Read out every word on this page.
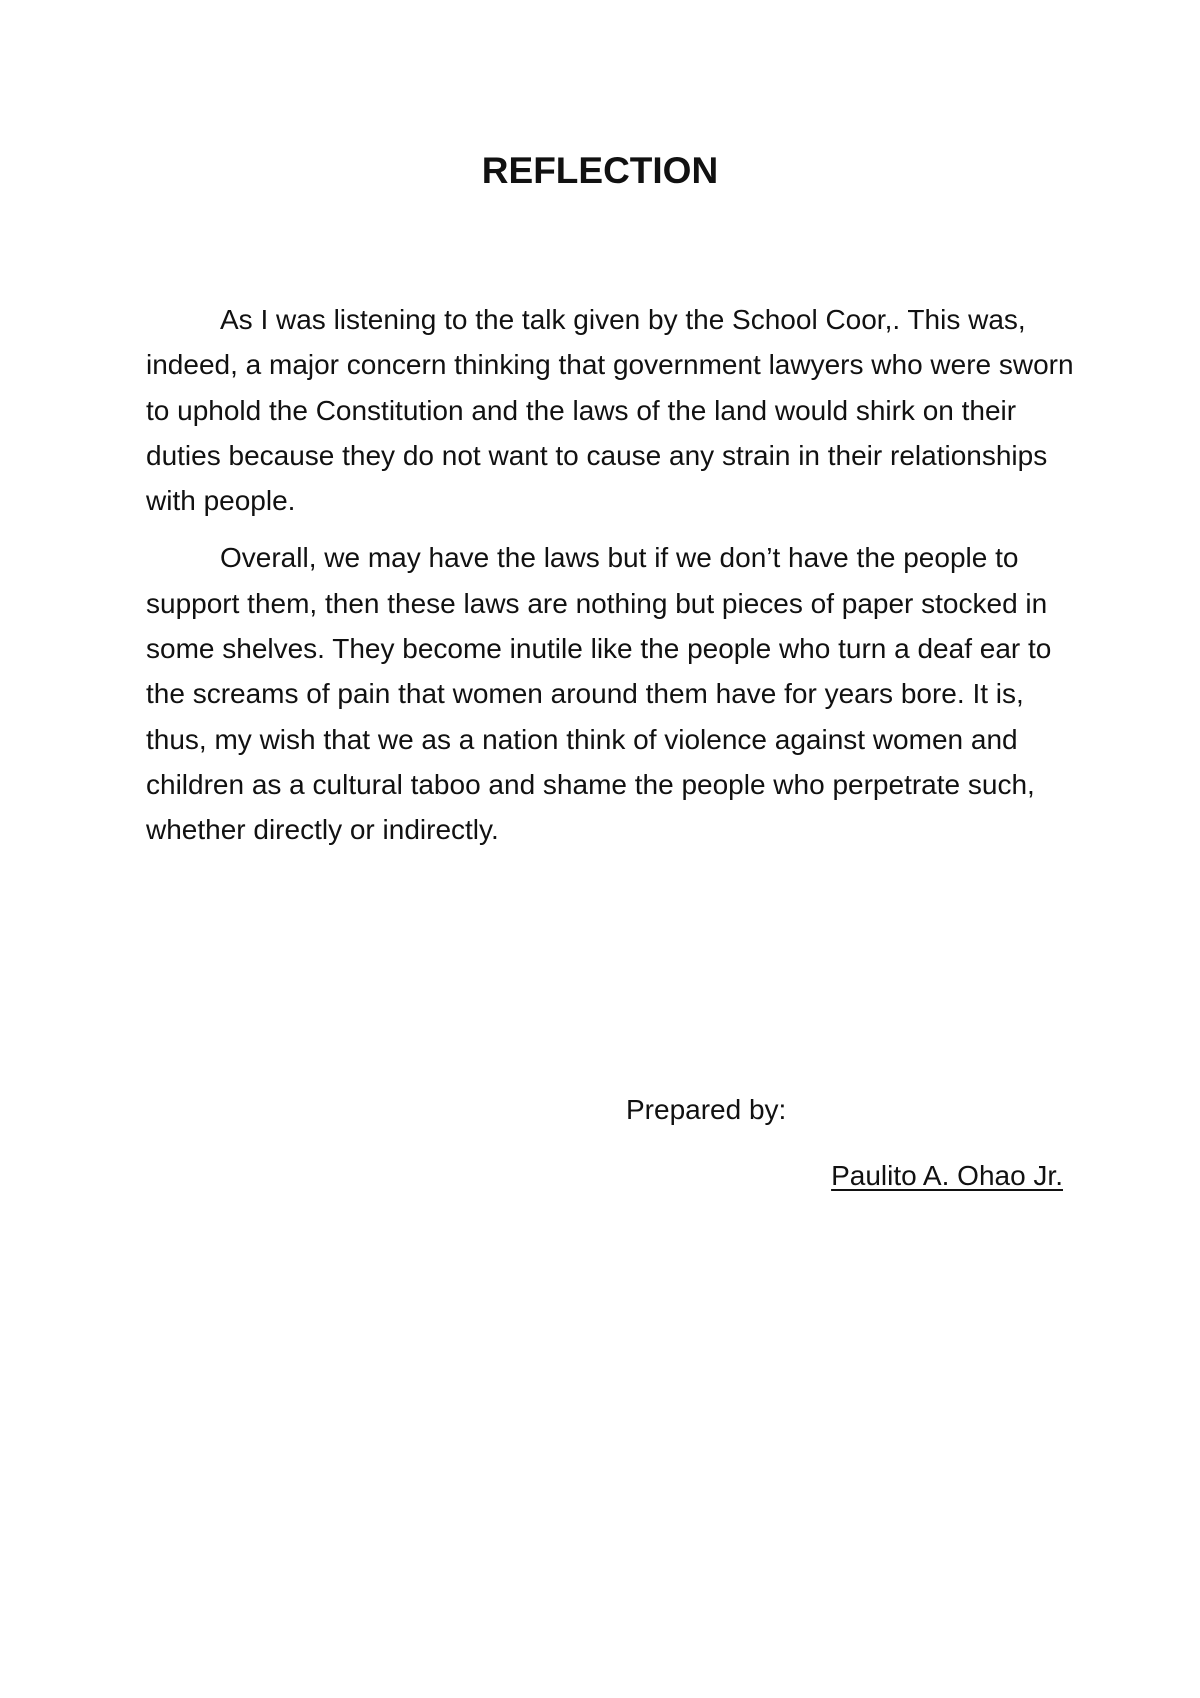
REFLECTION

As I was listening to the talk given by the School Coor,. This was, indeed, a major concern thinking that government lawyers who were sworn to uphold the Constitution and the laws of the land would shirk on their duties because they do not want to cause any strain in their relationships with people.

Overall, we may have the laws but if we don’t have the people to support them, then these laws are nothing but pieces of paper stocked in some shelves. They become inutile like the people who turn a deaf ear to the screams of pain that women around them have for years bore. It is, thus, my wish that we as a nation think of violence against women and children as a cultural taboo and shame the people who perpetrate such, whether directly or indirectly.

Prepared by:
Paulito A. Ohao Jr.
